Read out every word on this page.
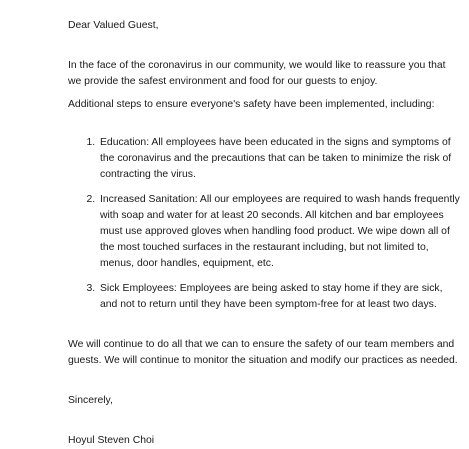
Dear Valued Guest,

In the face of the coronavirus in our community, we would like to reassure you that we provide the safest environment and food for our guests to enjoy.

Additional steps to ensure everyone's safety have been implemented, including:

1. Education: All employees have been educated in the signs and symptoms of the coronavirus and the precautions that can be taken to minimize the risk of contracting the virus.
2. Increased Sanitation: All our employees are required to wash hands frequently with soap and water for at least 20 seconds. All kitchen and bar employees must use approved gloves when handling food product. We wipe down all of the most touched surfaces in the restaurant including, but not limited to, menus, door handles, equipment, etc.
3. Sick Employees: Employees are being asked to stay home if they are sick, and not to return until they have been symptom-free for at least two days.

We will continue to do all that we can to ensure the safety of our team members and guests. We will continue to monitor the situation and modify our practices as needed.

Sincerely,

Hoyul Steven Choi
